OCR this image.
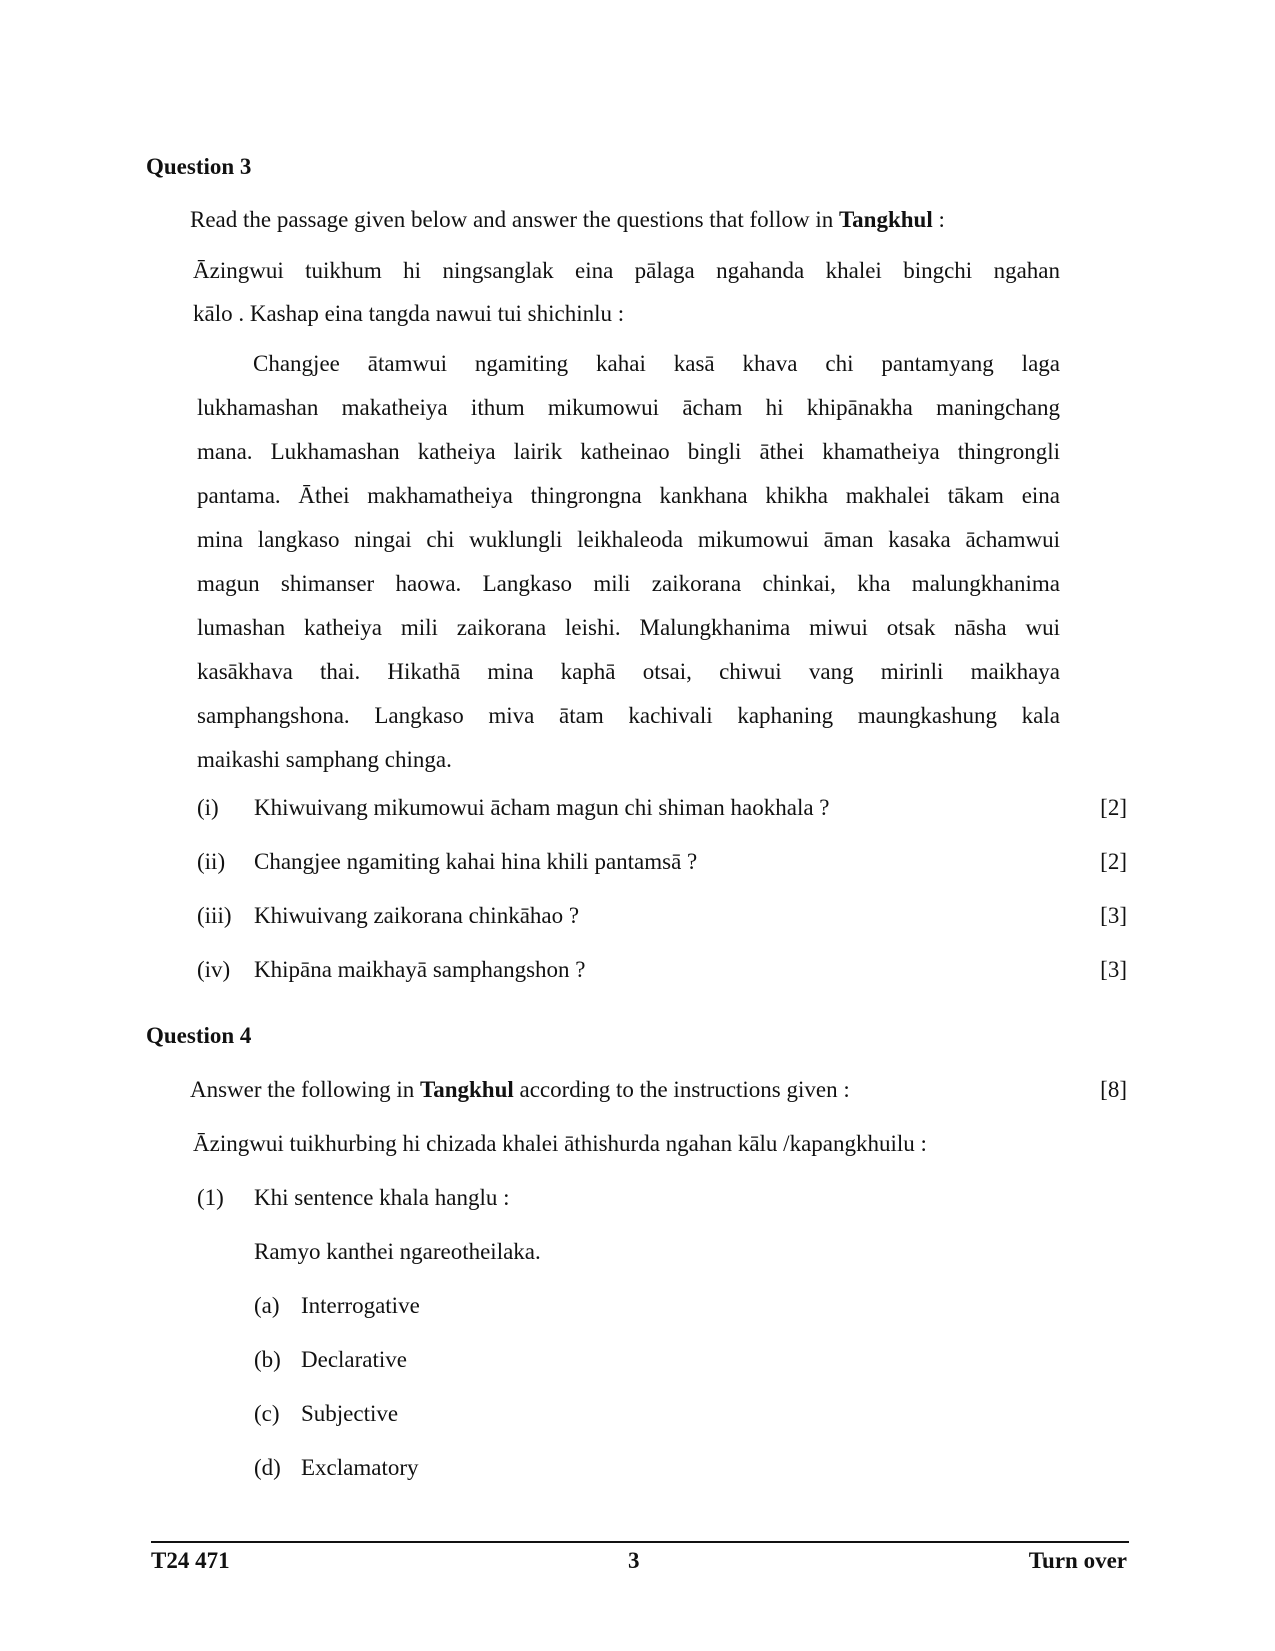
Question 3
Read the passage given below and answer the questions that follow in Tangkhul :
Āzingwui tuikhum hi ningsanglak eina pālaga ngahanda khalei bingchi ngahan
kālo . Kashap eina tangda nawui tui shichinlu :
Changjee ātamwui ngamiting kahai kasā khava chi pantamyang laga
lukhamashan makatheiya ithum mikumowui ācham hi khipānakha maningchang
mana. Lukhamashan katheiya lairik katheinao bingli āthei khamatheiya thingrongli
pantama. Āthei makhamatheiya thingrongna kankhana khikha makhalei tākam eina
mina langkaso ningai chi wuklungli leikhaleoda mikumowui āman kasaka āchamwui
magun shimanser haowa. Langkaso mili zaikorana chinkai, kha malungkhanima
lumashan katheiya mili zaikorana leishi. Malungkhanima miwui otsak nāsha wui
kasākhava thai. Hikathā mina kaphā otsai, chiwui vang mirinli maikhaya
samphangshona. Langkaso miva ātam kachivali kaphaning maungkashung kala
maikashi samphang chinga.
(i) Khiwuivang mikumowui ācham magun chi shiman haokhala ?	[2]
(ii) Changjee ngamiting kahai hina khili pantamsā ?	[2]
(iii) Khiwuivang zaikorana chinkāhao ?	[3]
(iv) Khipāna maikhayā samphangshon ?	[3]
Question 4
Answer the following in Tangkhul according to the instructions given :	[8]
Āzingwui tuikhurbing hi chizada khalei āthishurda ngahan kālu /kapangkhuilu :
(1) Khi sentence khala hanglu :
Ramyo kanthei ngareotheilaka.
(a) Interrogative
(b) Declarative
(c) Subjective
(d) Exclamatory
T24 471	3	Turn over
